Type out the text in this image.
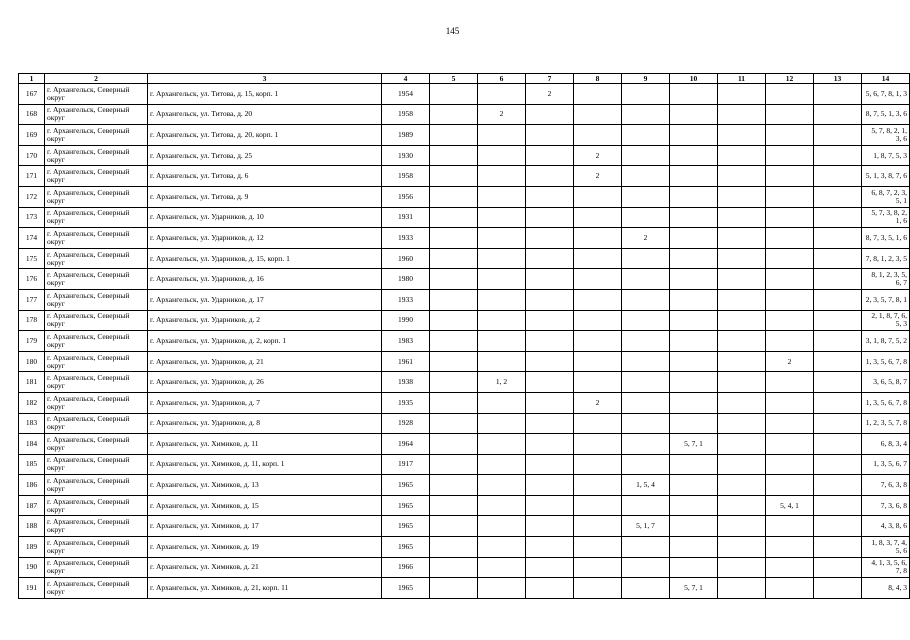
145
1	2	3	4	5	6	7	8	9	10	11	12	13	14
167	г. Архангельск, Северный округ	г. Архангельск, ул. Титова, д. 15, корп. 1	1954			2							5, 6, 7, 8, 1, 3
168	г. Архангельск, Северный округ	г. Архангельск, ул. Титова, д. 20	1958		2								8, 7, 5, 1, 3, 6
169	г. Архангельск, Северный округ	г. Архангельск, ул. Титова, д. 20, корп. 1	1989										5, 7, 8, 2, 1, 3, 6
170	г. Архангельск, Северный округ	г. Архангельск, ул. Титова, д. 25	1930				2						1, 8, 7, 5, 3
171	г. Архангельск, Северный округ	г. Архангельск, ул. Титова, д. 6	1958				2						5, 1, 3, 8, 7, 6
172	г. Архангельск, Северный округ	г. Архангельск, ул. Титова, д. 9	1956										6, 8, 7, 2, 3, 5, 1
173	г. Архангельск, Северный округ	г. Архангельск, ул. Ударников, д. 10	1931										5, 7, 3, 8, 2, 1, 6
174	г. Архангельск, Северный округ	г. Архангельск, ул. Ударников, д. 12	1933					2					8, 7, 3, 5, 1, 6
175	г. Архангельск, Северный округ	г. Архангельск, ул. Ударников, д. 15, корп. 1	1960										7, 8, 1, 2, 3, 5
176	г. Архангельск, Северный округ	г. Архангельск, ул. Ударников, д. 16	1980										8, 1, 2, 3, 5, 6, 7
177	г. Архангельск, Северный округ	г. Архангельск, ул. Ударников, д. 17	1933										2, 3, 5, 7, 8, 1
178	г. Архангельск, Северный округ	г. Архангельск, ул. Ударников, д. 2	1990										2, 1, 8, 7, 6, 5, 3
179	г. Архангельск, Северный округ	г. Архангельск, ул. Ударников, д. 2, корп. 1	1983										3, 1, 8, 7, 5, 2
180	г. Архангельск, Северный округ	г. Архангельск, ул. Ударников, д. 21	1961								2		1, 3, 5, 6, 7, 8
181	г. Архангельск, Северный округ	г. Архангельск, ул. Ударников, д. 26	1938		1, 2								3, 6, 5, 8, 7
182	г. Архангельск, Северный округ	г. Архангельск, ул. Ударников, д. 7	1935				2						1, 3, 5, 6, 7, 8
183	г. Архангельск, Северный округ	г. Архангельск, ул. Ударников, д. 8	1928										1, 2, 3, 5, 7, 8
184	г. Архангельск, Северный округ	г. Архангельск, ул. Химиков, д. 11	1964						5, 7, 1				6, 8, 3, 4
185	г. Архангельск, Северный округ	г. Архангельск, ул. Химиков, д. 11, корп. 1	1917										1, 3, 5, 6, 7
186	г. Архангельск, Северный округ	г. Архангельск, ул. Химиков, д. 13	1965					1, 5, 4					7, 6, 3, 8
187	г. Архангельск, Северный округ	г. Архангельск, ул. Химиков, д. 15	1965								5, 4, 1		7, 3, 6, 8
188	г. Архангельск, Северный округ	г. Архангельск, ул. Химиков, д. 17	1965					5, 1, 7					4, 3, 8, 6
189	г. Архангельск, Северный округ	г. Архангельск, ул. Химиков, д. 19	1965										1, 8, 3, 7, 4, 5, 6
190	г. Архангельск, Северный округ	г. Архангельск, ул. Химиков, д. 21	1966										4, 1, 3, 5, 6, 7, 8
191	г. Архангельск, Северный округ	г. Архангельск, ул. Химиков, д. 21, корп. 11	1965						5, 7, 1				8, 4, 3
